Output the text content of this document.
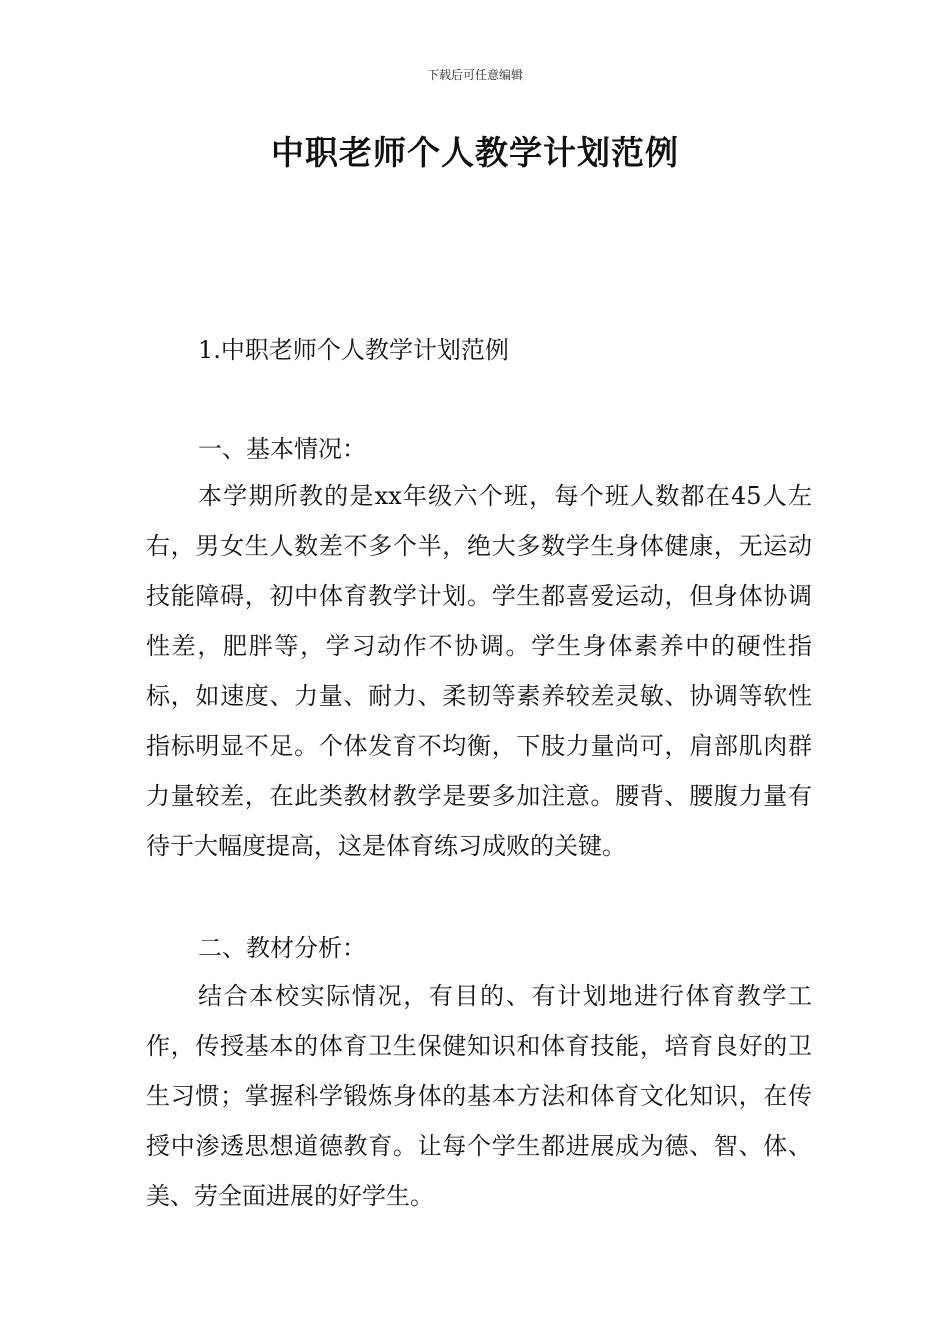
下载后可任意编辑
中职老师个人教学计划范例
1.中职老师个人教学计划范例
一、基本情况：

本学期所教的是xx年级六个班，每个班人数都在45人左右，男女生人数差不多个半，绝大多数学生身体健康，无运动技能障碍，初中体育教学计划。学生都喜爱运动，但身体协调性差，肥胖等，学习动作不协调。学生身体素养中的硬性指标，如速度、力量、耐力、柔韧等素养较差灵敏、协调等软性指标明显不足。个体发育不均衡，下肢力量尚可，肩部肌肉群力量较差，在此类教材教学是要多加注意。腰背、腰腹力量有待于大幅度提高，这是体育练习成败的关键。

二、教材分析：

结合本校实际情况，有目的、有计划地进行体育教学工作，传授基本的体育卫生保健知识和体育技能，培育良好的卫生习惯；掌握科学锻炼身体的基本方法和体育文化知识，在传授中渗透思想道德教育。让每个学生都进展成为德、智、体、美、劳全面进展的好学生。
